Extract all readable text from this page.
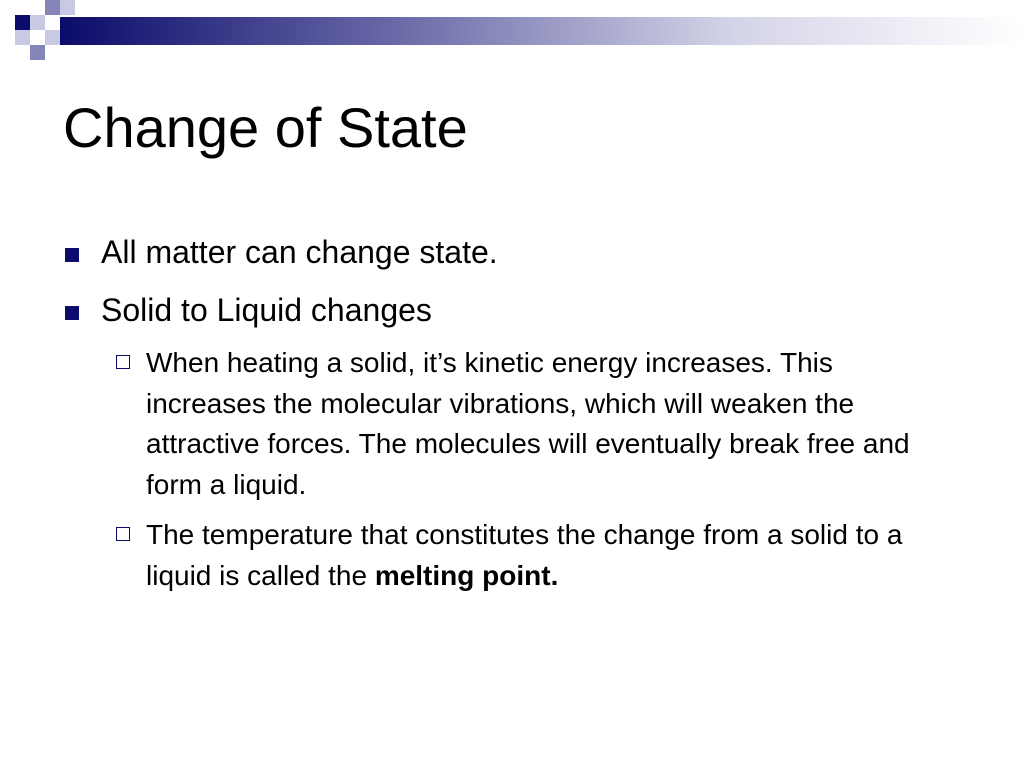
Change of State
All matter can change state.
Solid to Liquid changes
When heating a solid, it’s kinetic energy increases. This increases the molecular vibrations, which will weaken the attractive forces. The molecules will eventually break free and form a liquid.
The temperature that constitutes the change from a solid to a liquid is called the melting point.
